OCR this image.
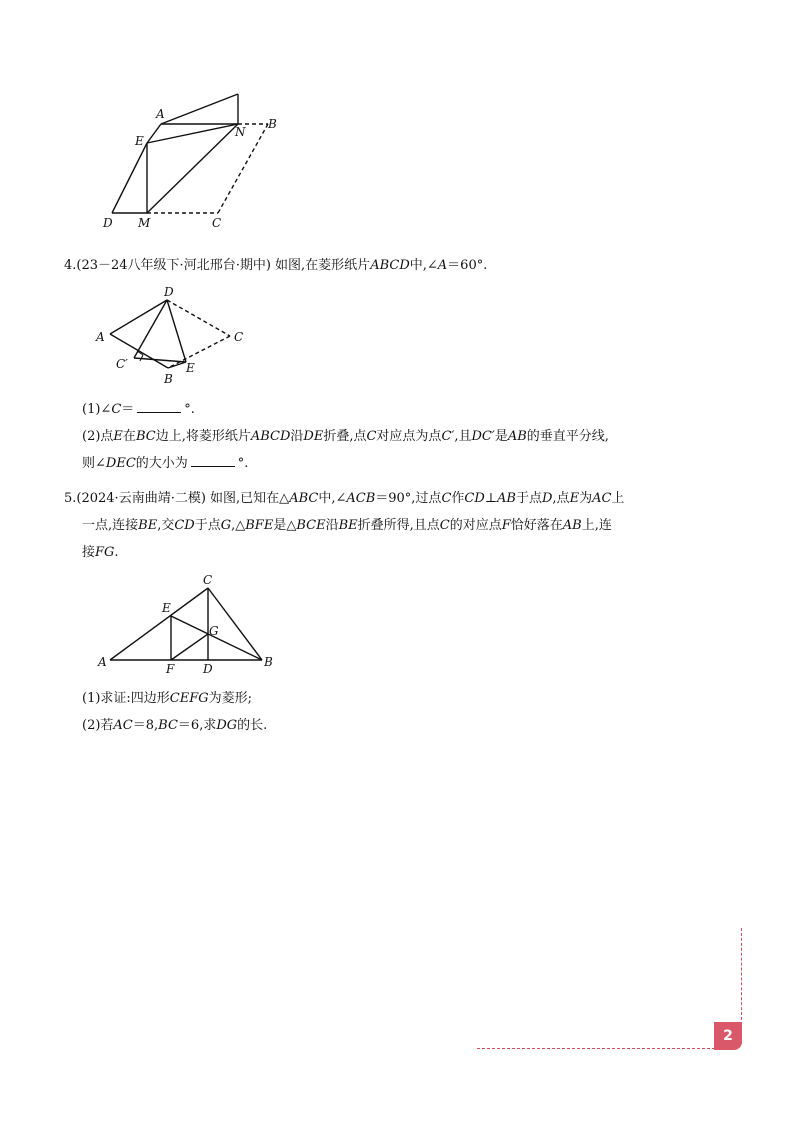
A
B
E
N
D M	C

4.(23－24八年级下·河北邢台·期中) 如图,在菱形纸片ABCD中,∠A＝60°.

D
A	C
C′
B
E

(1)∠C＝	°.

(2)点E在BC边上,将菱形纸片ABCD沿DE折叠,点C对应点为点C′,且DC′是AB的垂直平分线,

则∠DEC的大小为	°.

5.(2024·云南曲靖·二模) 如图,已知在△ABC中,∠ACB＝90°,过点C作CD⊥AB于点D,点E为AC上

一点,连接BE,交CD于点G,△BFE是△BCE沿BE折叠所得,且点C的对应点F恰好落在AB上,连

接FG.

C
E
G
A	F D	B

(1)求证:四边形CEFG为菱形;

(2)若AC＝8,BC＝6,求DG的长.

2
